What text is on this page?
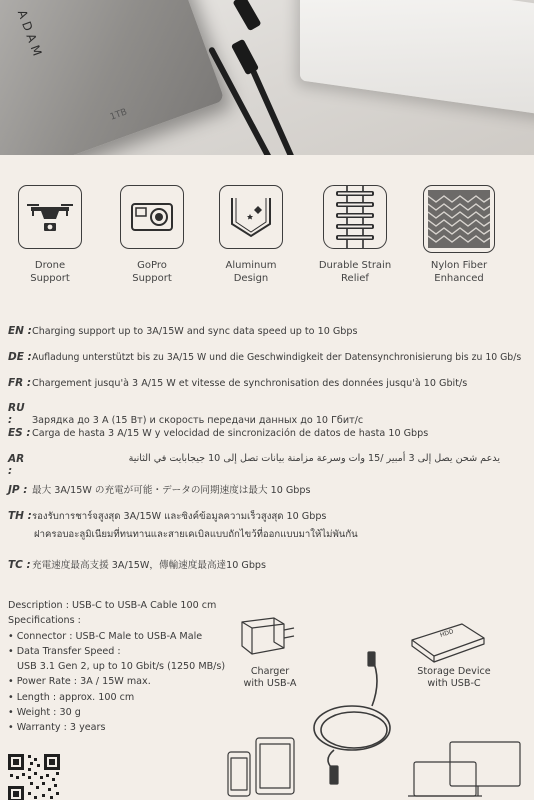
ADAM
1TB
Drone
Support
GoPro
Support
Aluminum
Design
Durable Strain
Relief
Nylon Fiber
Enhanced
EN :Charging support up to 3A/15W and sync data speed up to 10 Gbps
DE :Aufladung unterstützt bis zu 3A/15 W und die Geschwindigkeit der Datensynchronisierung bis zu 10 Gb/s
FR :Chargement jusqu'à 3 A/15 W et vitesse de synchronisation des données jusqu'à 10 Gbit/s
RU : Зарядка до 3 А (15 Вт) и скорость передачи данных до 10 Гбит/с
ES :Carga de hasta 3 A/15 W y velocidad de sincronización de datos de hasta 10 Gbps
AR :
يدعم شحن يصل إلى 3 أمبير /15 وات وسرعة مزامنة بيانات تصل إلى 10 جيجابايت في الثانية
JP : 最大 3A/15W の充電が可能・データの同期速度は最大 10 Gbps
TH :รองรับการชาร์จสูงสุด 3A/15W และซิงค์ข้อมูลความเร็วสูงสุด 10 Gbps
ฝาครอบอะลูมิเนียมที่ทนทานและสายเคเบิลแบบถักไขว้ที่ออกแบบมาให้ไม่พันกัน
TC :充電速度最高支援 3A/15W，傳輸速度最高達10 Gbps
Description : USB-C to USB-A Cable 100 cm
Specifications :
• Connector : USB-C Male to USB-A Male
• Data Transfer Speed :
USB 3.1 Gen 2, up to 10 Gbit/s (1250 MB/s)
• Power Rate : 3A / 15W max.
• Length : approx. 100 cm
• Weight : 30 g
• Warranty : 3 years
HDD
Charger
with USB-A
Storage Device
with USB-C
